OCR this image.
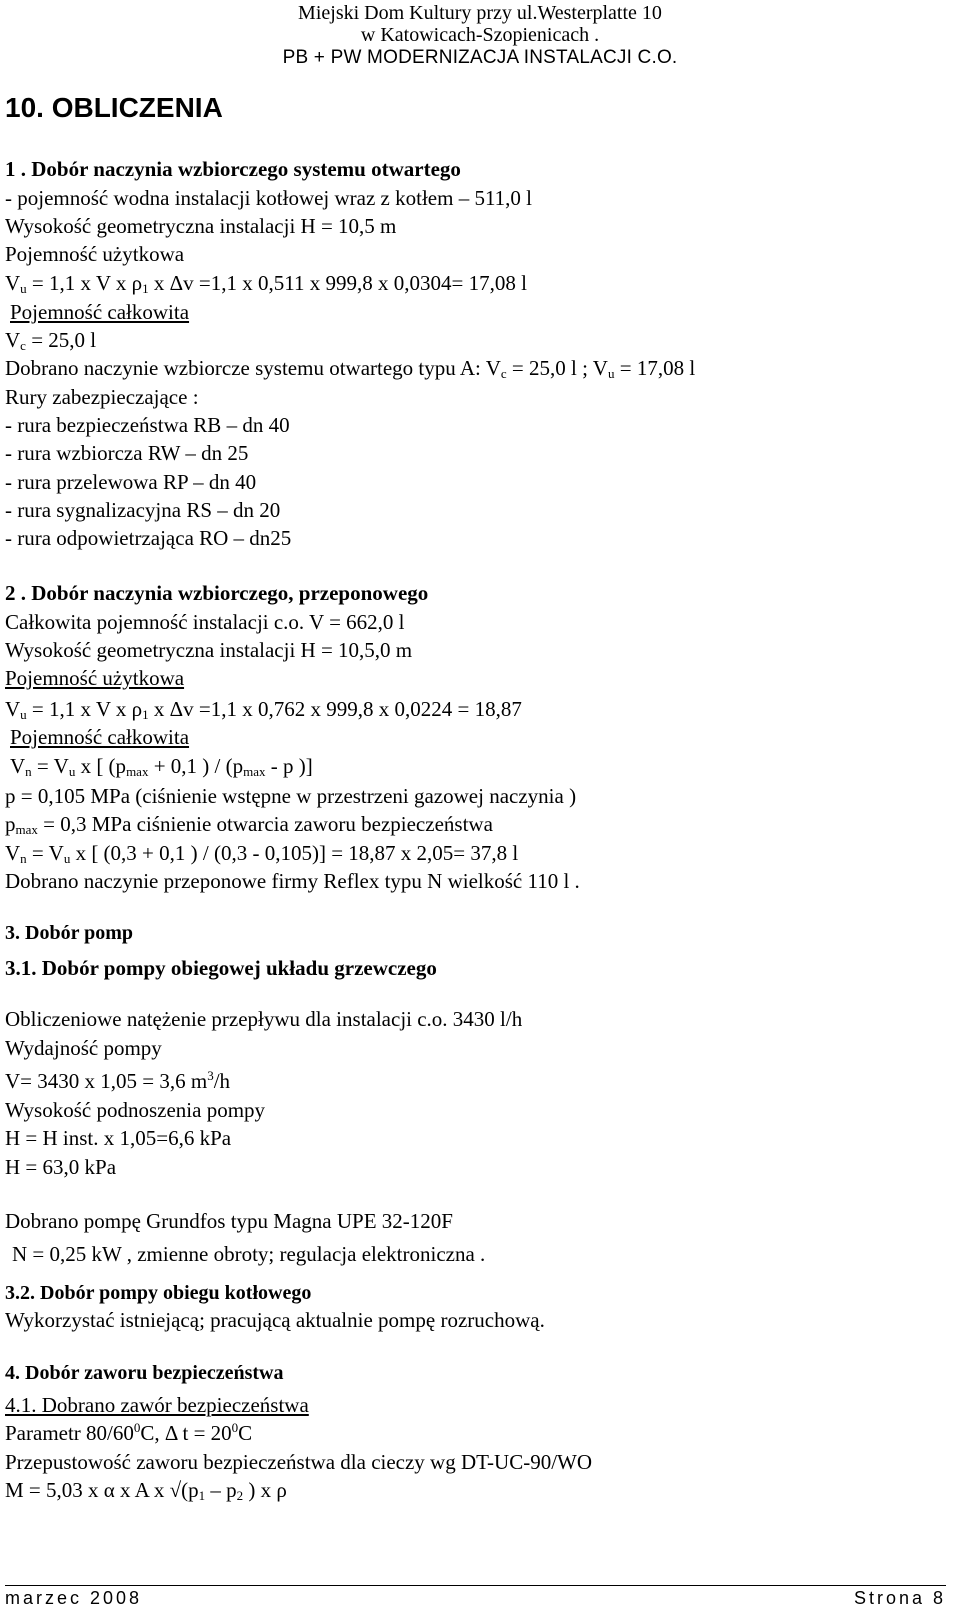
Miejski Dom Kultury przy ul.Westerplatte 10
w Katowicach-Szopienicach .
PB + PW MODERNIZACJA INSTALACJI C.O.
10. OBLICZENIA
1 . Dobór naczynia wzbiorczego systemu otwartego
- pojemność wodna instalacji kotłowej wraz z kotłem – 511,0 l
Wysokość geometryczna instalacji H = 10,5 m
Pojemność użytkowa
$V_u = 1,1$ x V x $\rho_1$ x Δv =1,1 x 0,511 x 999,8 x 0,0304= 17,08 l
Pojemność całkowita
$V_c = 25,0$ l
Dobrano naczynie wzbiorcze systemu otwartego typu A: $V_c = 25,0$ l ; $V_u = 17,08$ l
Rury zabezpieczające :
- rura bezpieczeństwa RB – dn 40
- rura wzbiorcza RW – dn 25
- rura przelewowa RP – dn 40
- rura sygnalizacyjna RS – dn 20
- rura odpowietrzająca RO – dn25
2 . Dobór naczynia wzbiorczego, przeponowego
Całkowita pojemność instalacji c.o. V = 662,0 l
Wysokość geometryczna instalacji H = 10,5,0 m
Pojemność użytkowa
$V_u = 1,1$ x V x $\rho_1$ x Δv =1,1 x 0,762 x 999,8 x 0,0224 = 18,87
Pojemność całkowita
$V_n = V_u$ x [ ($p_{max} + 0,1$ ) / ($p_{max}$ - p )]
p = 0,105 MPa (ciśnienie wstępne w przestrzeni gazowej naczynia )
$p_{max} = 0,3$ MPa ciśnienie otwarcia zaworu bezpieczeństwa
$V_n = V_u$ x [ (0,3 + 0,1 ) / (0,3 - 0,105)] = 18,87 x 2,05= 37,8 l
Dobrano naczynie przeponowe firmy Reflex typu N wielkość 110 l .
3. Dobór pomp
3.1. Dobór pompy obiegowej układu grzewczego
Obliczeniowe natężenie przepływu dla instalacji c.o. 3430 l/h
Wydajność pompy
V= 3430 x 1,05 = 3,6 $m^3/h$
Wysokość podnoszenia pompy
H = H inst. x 1,05=6,6 kPa
H = 63,0 kPa
Dobrano pompę Grundfos typu Magna UPE 32-120F
N = 0,25 kW , zmienne obroty; regulacja elektroniczna .
3.2. Dobór pompy obiegu kotłowego
Wykorzystać istniejącą; pracującą aktualnie pompę rozruchową.
4. Dobór zaworu bezpieczeństwa
4.1. Dobrano zawór bezpieczeństwa
Parametr $80/60^0C$, Δ $t = 20^0C$
Przepustowość zaworu bezpieczeństwa dla cieczy wg DT-UC-90/WO
M = 5,03 x α x A x $√(p_1 - p_2$ ) x ρ
marzec 2008	Strona 8
